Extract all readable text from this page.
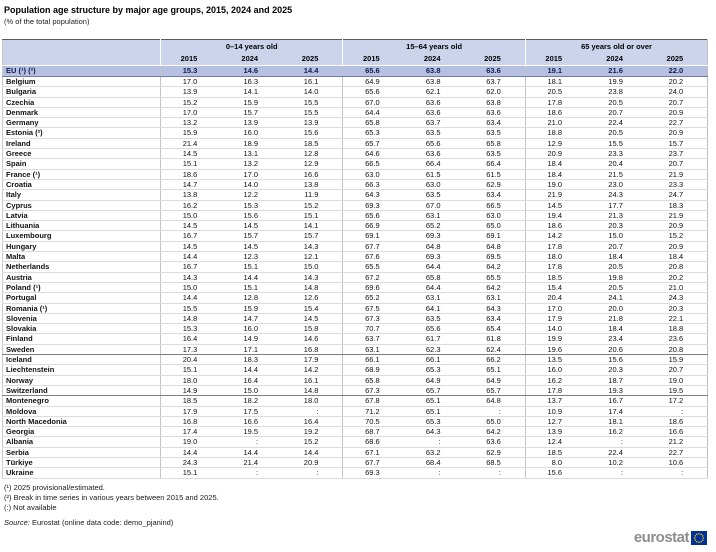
Population age structure by major age groups, 2015, 2024 and 2025
(% of the total population)
	0–14 years old			15–64 years old			65 years old or over		
	2015	2024	2025	2015	2024	2025	2015	2024	2025
EU (¹) (²)	15.3	14.6	14.4	65.6	63.8	63.6	19.1	21.6	22.0
Belgium	17.0	16.3	16.1	64.9	63.8	63.7	18.1	19.9	20.2
Bulgaria	13.9	14.1	14.0	65.6	62.1	62.0	20.5	23.8	24.0
Czechia	15.2	15.9	15.5	67.0	63.6	63.8	17.8	20.5	20.7
Denmark	17.0	15.7	15.5	64.4	63.6	63.6	18.6	20.7	20.9
Germany	13.2	13.9	13.9	65.8	63.7	63.4	21.0	22.4	22.7
Estonia (²)	15.9	16.0	15.6	65.3	63.5	63.5	18.8	20.5	20.9
Ireland	21.4	18.9	18.5	65.7	65.6	65.8	12.9	15.5	15.7
Greece	14.5	13.1	12.8	64.6	63.6	63.5	20.9	23.3	23.7
Spain	15.1	13.2	12.9	66.5	66.4	66.4	18.4	20.4	20.7
France (¹)	18.6	17.0	16.6	63.0	61.5	61.5	18.4	21.5	21.9
Croatia	14.7	14.0	13.8	66.3	63.0	62.9	19.0	23.0	23.3
Italy	13.8	12.2	11.9	64.3	63.5	63.4	21.9	24.3	24.7
Cyprus	16.2	15.3	15.2	69.3	67.0	66.5	14.5	17.7	18.3
Latvia	15.0	15.6	15.1	65.6	63.1	63.0	19.4	21.3	21.9
Lithuania	14.5	14.5	14.1	66.9	65.2	65.0	18.6	20.3	20.9
Luxembourg	16.7	15.7	15.7	69.1	69.3	69.1	14.2	15.0	15.2
Hungary	14.5	14.5	14.3	67.7	64.8	64.8	17.8	20.7	20.9
Malta	14.4	12.3	12.1	67.6	69.3	69.5	18.0	18.4	18.4
Netherlands	16.7	15.1	15.0	65.5	64.4	64.2	17.8	20.5	20.8
Austria	14.3	14.4	14.3	67.2	65.8	65.5	18.5	19.8	20.2
Poland (¹)	15.0	15.1	14.8	69.6	64.4	64.2	15.4	20.5	21.0
Portugal	14.4	12.8	12.6	65.2	63.1	63.1	20.4	24.1	24.3
Romania (¹)	15.5	15.9	15.4	67.5	64.1	64.3	17.0	20.0	20.3
Slovenia	14.8	14.7	14.5	67.3	63.5	63.4	17.9	21.8	22.1
Slovakia	15.3	16.0	15.8	70.7	65.6	65.4	14.0	18.4	18.8
Finland	16.4	14.9	14.6	63.7	61.7	61.8	19.9	23.4	23.6
Sweden	17.3	17.1	16.8	63.1	62.3	62.4	19.6	20.6	20.8
Iceland	20.4	18.3	17.9	66.1	66.1	66.2	13.5	15.6	15.9
Liechtenstein	15.1	14.4	14.2	68.9	65.3	65.1	16.0	20.3	20.7
Norway	18.0	16.4	16.1	65.8	64.9	64.9	16.2	18.7	19.0
Switzerland	14.9	15.0	14.8	67.3	65.7	65.7	17.8	19.3	19.5
Montenegro	18.5	18.2	18.0	67.8	65.1	64.8	13.7	16.7	17.2
Moldova	17.9	17.5	:	71.2	65.1	:	10.9	17.4	:
North Macedonia	16.8	16.6	16.4	70.5	65.3	65.0	12.7	18.1	18.6
Georgia	17.4	19.5	19.2	68.7	64.3	64.2	13.9	16.2	16.6
Albania	19.0	:	15.2	68.6	:	63.6	12.4	:	21.2
Serbia	14.4	14.4	14.4	67.1	63.2	62.9	18.5	22.4	22.7
Türkiye	24.3	21.4	20.9	67.7	68.4	68.5	8.0	10.2	10.6
Ukraine	15.1	:	:	69.3	:	:	15.6	:	:
(¹) 2025 provisional/estimated.
(²) Break in time series in various years between 2015 and 2025.
(:) Not available
Source: Eurostat (online data code: demo_pjanind)
eurostat
